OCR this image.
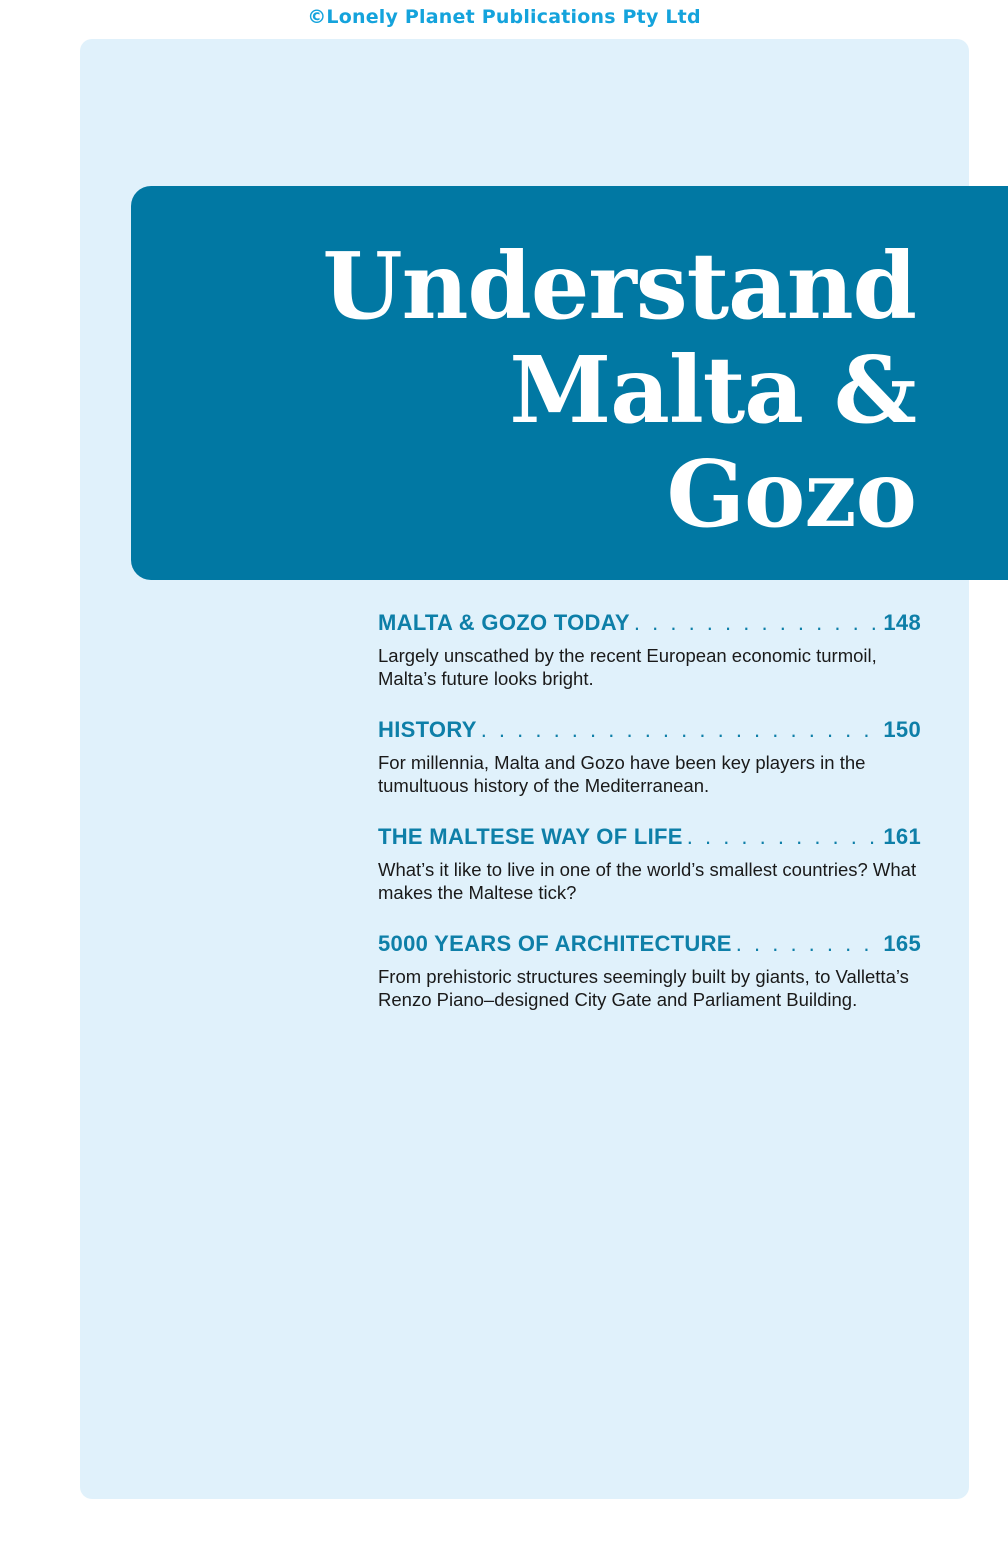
©Lonely Planet Publications Pty Ltd
Understand
Malta &
Gozo
MALTA & GOZO TODAY . . .	148
Largely unscathed by the recent European economic turmoil, Malta’s future looks bright.
HISTORY . . .	150
For millennia, Malta and Gozo have been key players in the tumultuous history of the Mediterranean.
THE MALTESE WAY OF LIFE . . .	161
What’s it like to live in one of the world’s smallest countries? What makes the Maltese tick?
5000 YEARS OF ARCHITECTURE . . .	165
From prehistoric structures seemingly built by giants, to Valletta’s Renzo Piano–designed City Gate and Parliament Building.
